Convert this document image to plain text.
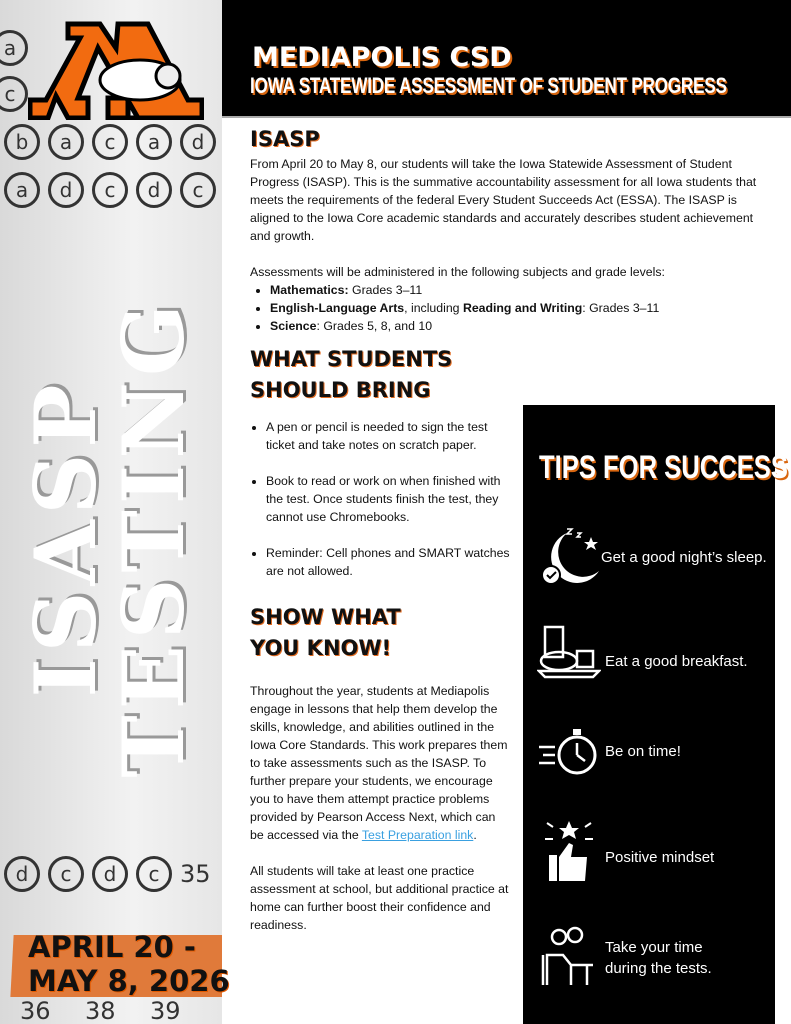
a
c
b	a	c	a	d
a	d	c	d	c
d	c	d	c 35
36 38 39
ISASP
TESTING
APRIL 20 -
MAY 8, 2026
MEDIAPOLIS CSD
IOWA STATEWIDE ASSESSMENT OF STUDENT PROGRESS
ISASP

From April 20 to May 8, our students will take the Iowa Statewide Assessment of Student Progress (ISASP). This is the summative accountability assessment for all Iowa students that meets the requirements of the federal Every Student Succeeds Act (ESSA). The ISASP is aligned to the Iowa Core academic standards and accurately describes student achievement and growth.

Assessments will be administered in the following subjects and grade levels:

• Mathematics: Grades 3–11
• English-Language Arts, including Reading and Writing: Grades 3–11
• Science: Grades 5, 8, and 10
WHAT STUDENTS
SHOULD BRING
• A pen or pencil is needed to sign the test ticket and take notes on scratch paper.
• Book to read or work on when finished with the test. Once students finish the test, they cannot use Chromebooks.
• Reminder: Cell phones and SMART watches are not allowed.
SHOW WHAT
YOU KNOW!

Throughout the year, students at Mediapolis engage in lessons that help them develop the skills, knowledge, and abilities outlined in the Iowa Core Standards. This work prepares them to take assessments such as the ISASP. To further prepare your students, we encourage you to have them attempt practice problems provided by Pearson Access Next, which can be accessed via the Test Preparation link.

All students will take at least one practice assessment at school, but additional practice at home can further boost their confidence and readiness.

TIPS FOR SUCCESS
Get a good night’s sleep.
Eat a good breakfast.
Be on time!
Positive mindset
Take your time
during the tests.
